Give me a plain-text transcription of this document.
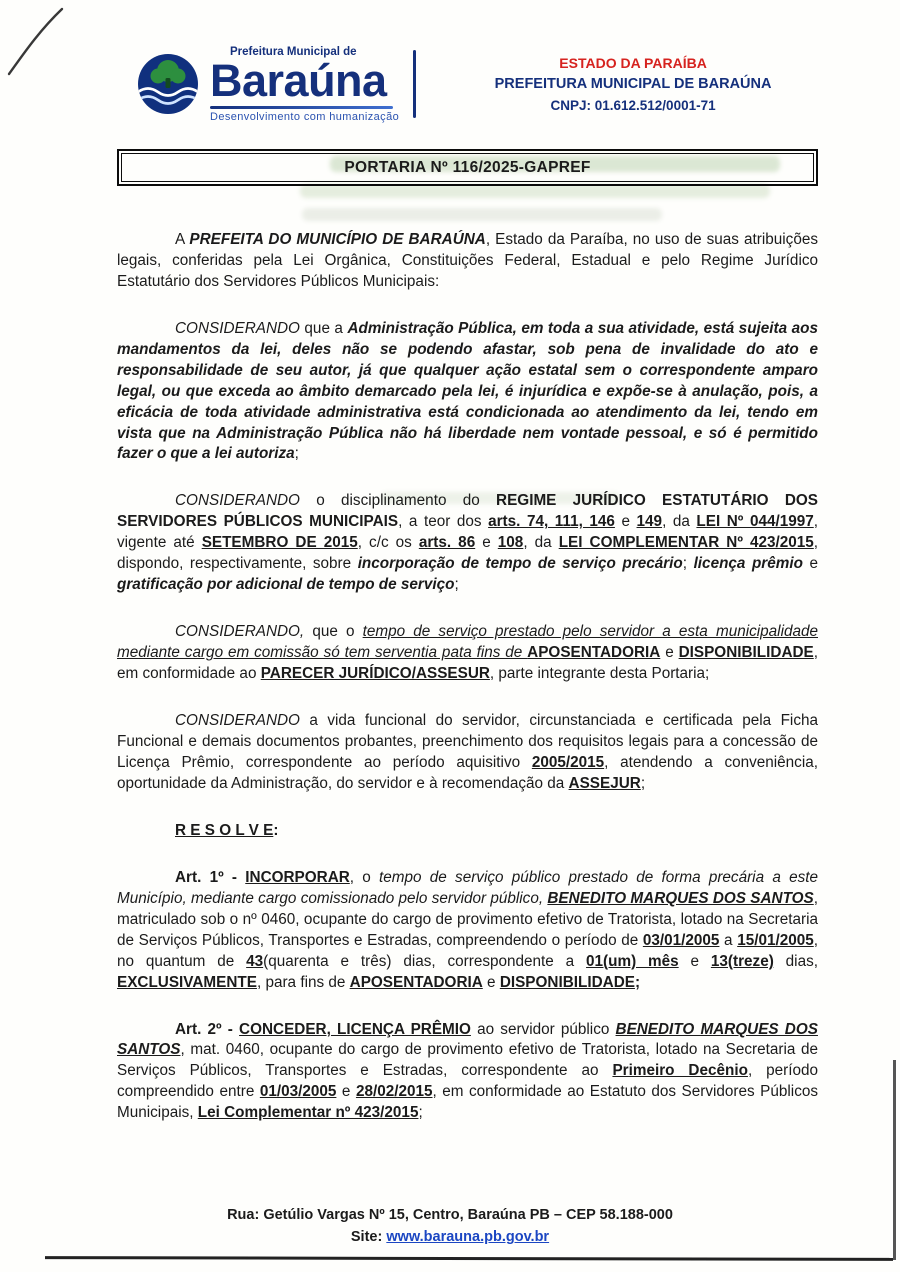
Prefeitura Municipal de
Baraúna
Desenvolvimento com humanização
ESTADO DA PARAÍBA
PREFEITURA MUNICIPAL DE BARAÚNA
CNPJ: 01.612.512/0001-71
PORTARIA Nº 116/2025-GAPREF

A PREFEITA DO MUNICÍPIO DE BARAÚNA, Estado da Paraíba, no uso de suas atribuições legais, conferidas pela Lei Orgânica, Constituições Federal, Estadual e pelo Regime Jurídico Estatutário dos Servidores Públicos Municipais:

CONSIDERANDO que a Administração Pública, em toda a sua atividade, está sujeita aos mandamentos da lei, deles não se podendo afastar, sob pena de invalidade do ato e responsabilidade de seu autor, já que qualquer ação estatal sem o correspondente amparo legal, ou que exceda ao âmbito demarcado pela lei, é injurídica e expõe-se à anulação, pois, a eficácia de toda atividade administrativa está condicionada ao atendimento da lei, tendo em vista que na Administração Pública não há liberdade nem vontade pessoal, e só é permitido fazer o que a lei autoriza;

CONSIDERANDO o disciplinamento do REGIME JURÍDICO ESTATUTÁRIO DOS SERVIDORES PÚBLICOS MUNICIPAIS, a teor dos arts. 74, 111, 146 e 149, da LEI Nº 044/1997, vigente até SETEMBRO DE 2015, c/c os arts. 86 e 108, da LEI COMPLEMENTAR Nº 423/2015, dispondo, respectivamente, sobre incorporação de tempo de serviço precário; licença prêmio e gratificação por adicional de tempo de serviço;

CONSIDERANDO, que o tempo de serviço prestado pelo servidor a esta municipalidade mediante cargo em comissão só tem serventia pata fins de APOSENTADORIA e DISPONIBILIDADE, em conformidade ao PARECER JURÍDICO/ASSESUR, parte integrante desta Portaria;

CONSIDERANDO a vida funcional do servidor, circunstanciada e certificada pela Ficha Funcional e demais documentos probantes, preenchimento dos requisitos legais para a concessão de Licença Prêmio, correspondente ao período aquisitivo 2005/2015, atendendo a conveniência, oportunidade da Administração, do servidor e à recomendação da ASSEJUR;

R E S O L V E:

Art. 1º - INCORPORAR, o tempo de serviço público prestado de forma precária a este Município, mediante cargo comissionado pelo servidor público, BENEDITO MARQUES DOS SANTOS, matriculado sob o nº 0460, ocupante do cargo de provimento efetivo de Tratorista, lotado na Secretaria de Serviços Públicos, Transportes e Estradas, compreendendo o período de 03/01/2005 a 15/01/2005, no quantum de 43(quarenta e três) dias, correspondente a 01(um) mês e 13(treze) dias, EXCLUSIVAMENTE, para fins de APOSENTADORIA e DISPONIBILIDADE;

Art. 2º - CONCEDER, LICENÇA PRÊMIO ao servidor público BENEDITO MARQUES DOS SANTOS, mat. 0460, ocupante do cargo de provimento efetivo de Tratorista, lotado na Secretaria de Serviços Públicos, Transportes e Estradas, correspondente ao Primeiro Decênio, período compreendido entre 01/03/2005 e 28/02/2015, em conformidade ao Estatuto dos Servidores Públicos Municipais, Lei Complementar nº 423/2015;

Rua: Getúlio Vargas Nº 15, Centro, Baraúna PB – CEP 58.188-000
Site: www.barauna.pb.gov.br
